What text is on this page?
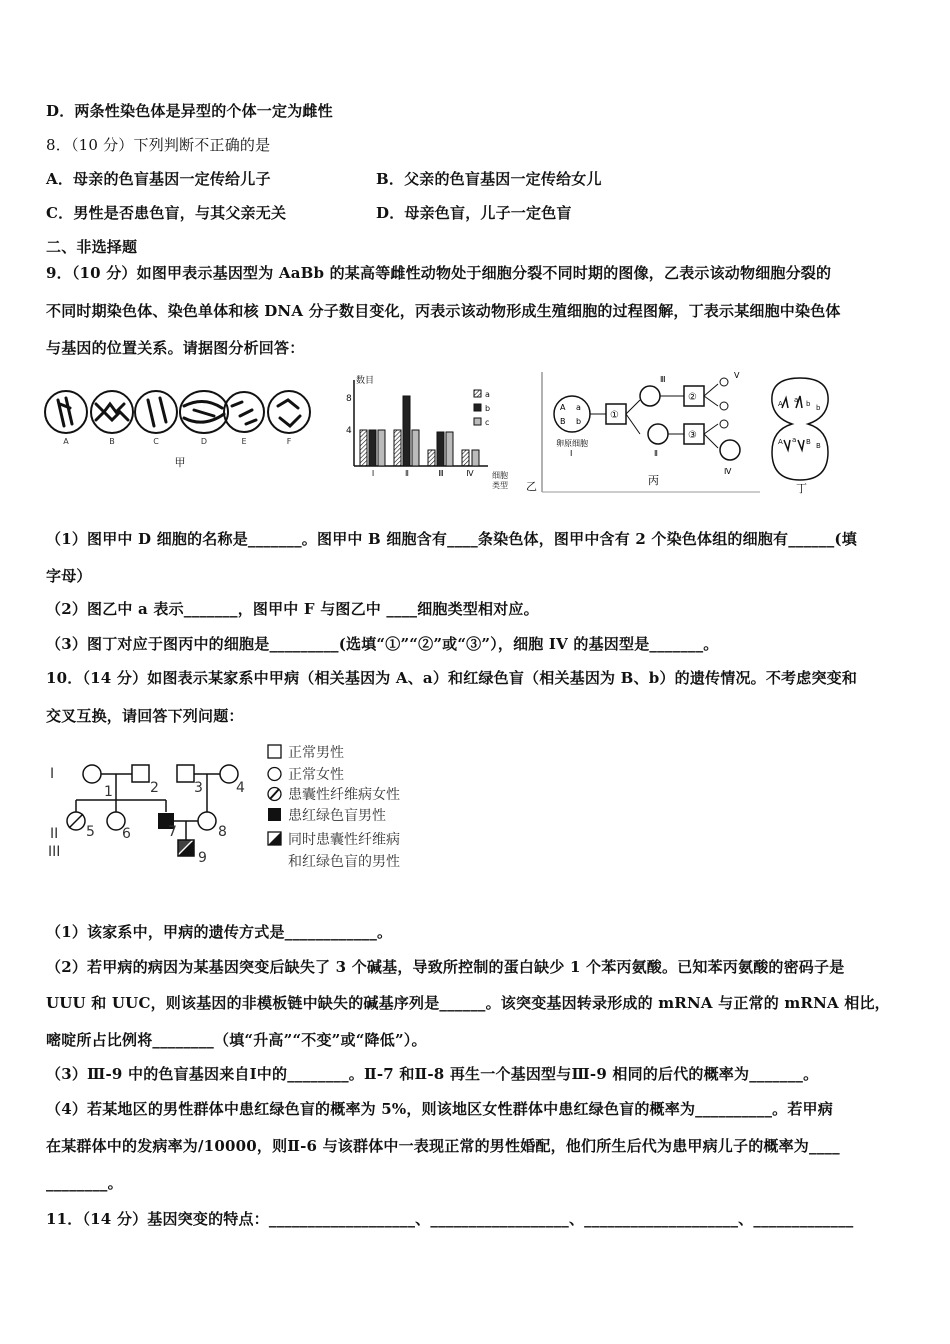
D．两条性染色体是异型的个体一定为雌性
8．（10 分）下列判断不正确的是
A．母亲的色盲基因一定传给儿子	B．父亲的色盲基因一定传给女儿
C．男性是否患色盲，与其父亲无关	D．母亲色盲，儿子一定色盲
二、非选择题
9．（10 分）如图甲表示基因型为 AaBb 的某高等雌性动物处于细胞分裂不同时期的图像，乙表示该动物细胞分裂的
不同时期染色体、染色单体和核 DNA 分子数目变化，丙表示该动物形成生殖细胞的过程图解，丁表示某细胞中染色体
与基因的位置关系。请据图分析回答：
A	B	C	D	E	F
甲
数目
8
4
Ⅰ	Ⅱ	Ⅲ	Ⅳ 细胞
类型
a
b
c
乙
A a
B b
卵原细胞
I
①
Ⅲ
Ⅱ
②
③
V
Ⅳ
丙
A a b b
A a B B
丁
（1）图甲中 D 细胞的名称是_______。图甲中 B 细胞含有____条染色体，图甲中含有 2 个染色体组的细胞有______(填
字母）
（2）图乙中 a 表示_______，图甲中 F 与图乙中 ____细胞类型相对应。
（3）图丁对应于图丙中的细胞是_________(选填“①”“②”或“③”），细胞 IV 的基因型是_______。
10．（14 分）如图表示某家系中甲病（相关基因为 A、a）和红绿色盲（相关基因为 B、b）的遗传情况。不考虑突变和
交叉互换，请回答下列问题：
I
II
III
1	2	3 4
5 6	7	8
9
正常男性
正常女性
患囊性纤维病女性
患红绿色盲男性
同时患囊性纤维病
和红绿色盲的男性
（1）该家系中，甲病的遗传方式是____________。
（2）若甲病的病因为某基因突变后缺失了 3 个碱基，导致所控制的蛋白缺少 1 个苯丙氨酸。已知苯丙氨酸的密码子是
UUU 和 UUC，则该基因的非模板链中缺失的碱基序列是______。该突变基因转录形成的 mRNA 与正常的 mRNA 相比，
嘧啶所占比例将________（填“升高”“不变”或“降低”）。
（3）Ⅲ-9 中的色盲基因来自Ⅰ中的________。Ⅱ-7 和Ⅱ-8 再生一个基因型与Ⅲ-9 相同的后代的概率为_______。
（4）若某地区的男性群体中患红绿色盲的概率为 5%，则该地区女性群体中患红绿色盲的概率为__________。若甲病
在某群体中的发病率为/10000，则Ⅱ-6 与该群体中一表现正常的男性婚配，他们所生后代为患甲病儿子的概率为____
________。
11．（14 分）基因突变的特点：___________________、__________________、____________________、_____________
